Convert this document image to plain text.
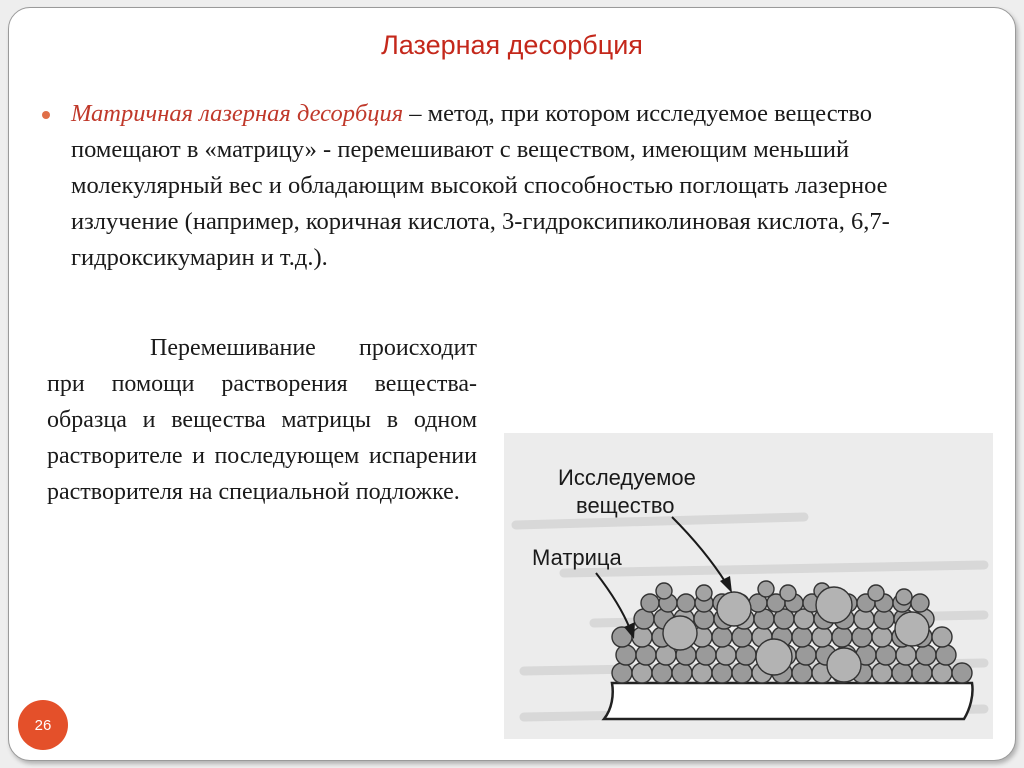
Лазерная десорбция
Матричная лазерная десорбция – метод, при котором исследуемое вещество помещают в «матрицу» - перемешивают с веществом, имеющим меньший молекулярный вес и обладающим высокой способностью поглощать лазерное излучение (например, коричная кислота, 3-гидроксипиколиновая кислота, 6,7-гидроксикумарин и т.д.).
Перемешивание происходит при помощи растворения вещества-образца и вещества матрицы в одном растворителе и последующем испарении растворителя на специальной подложке.
Исследуемое
вещество
Матрица
26
